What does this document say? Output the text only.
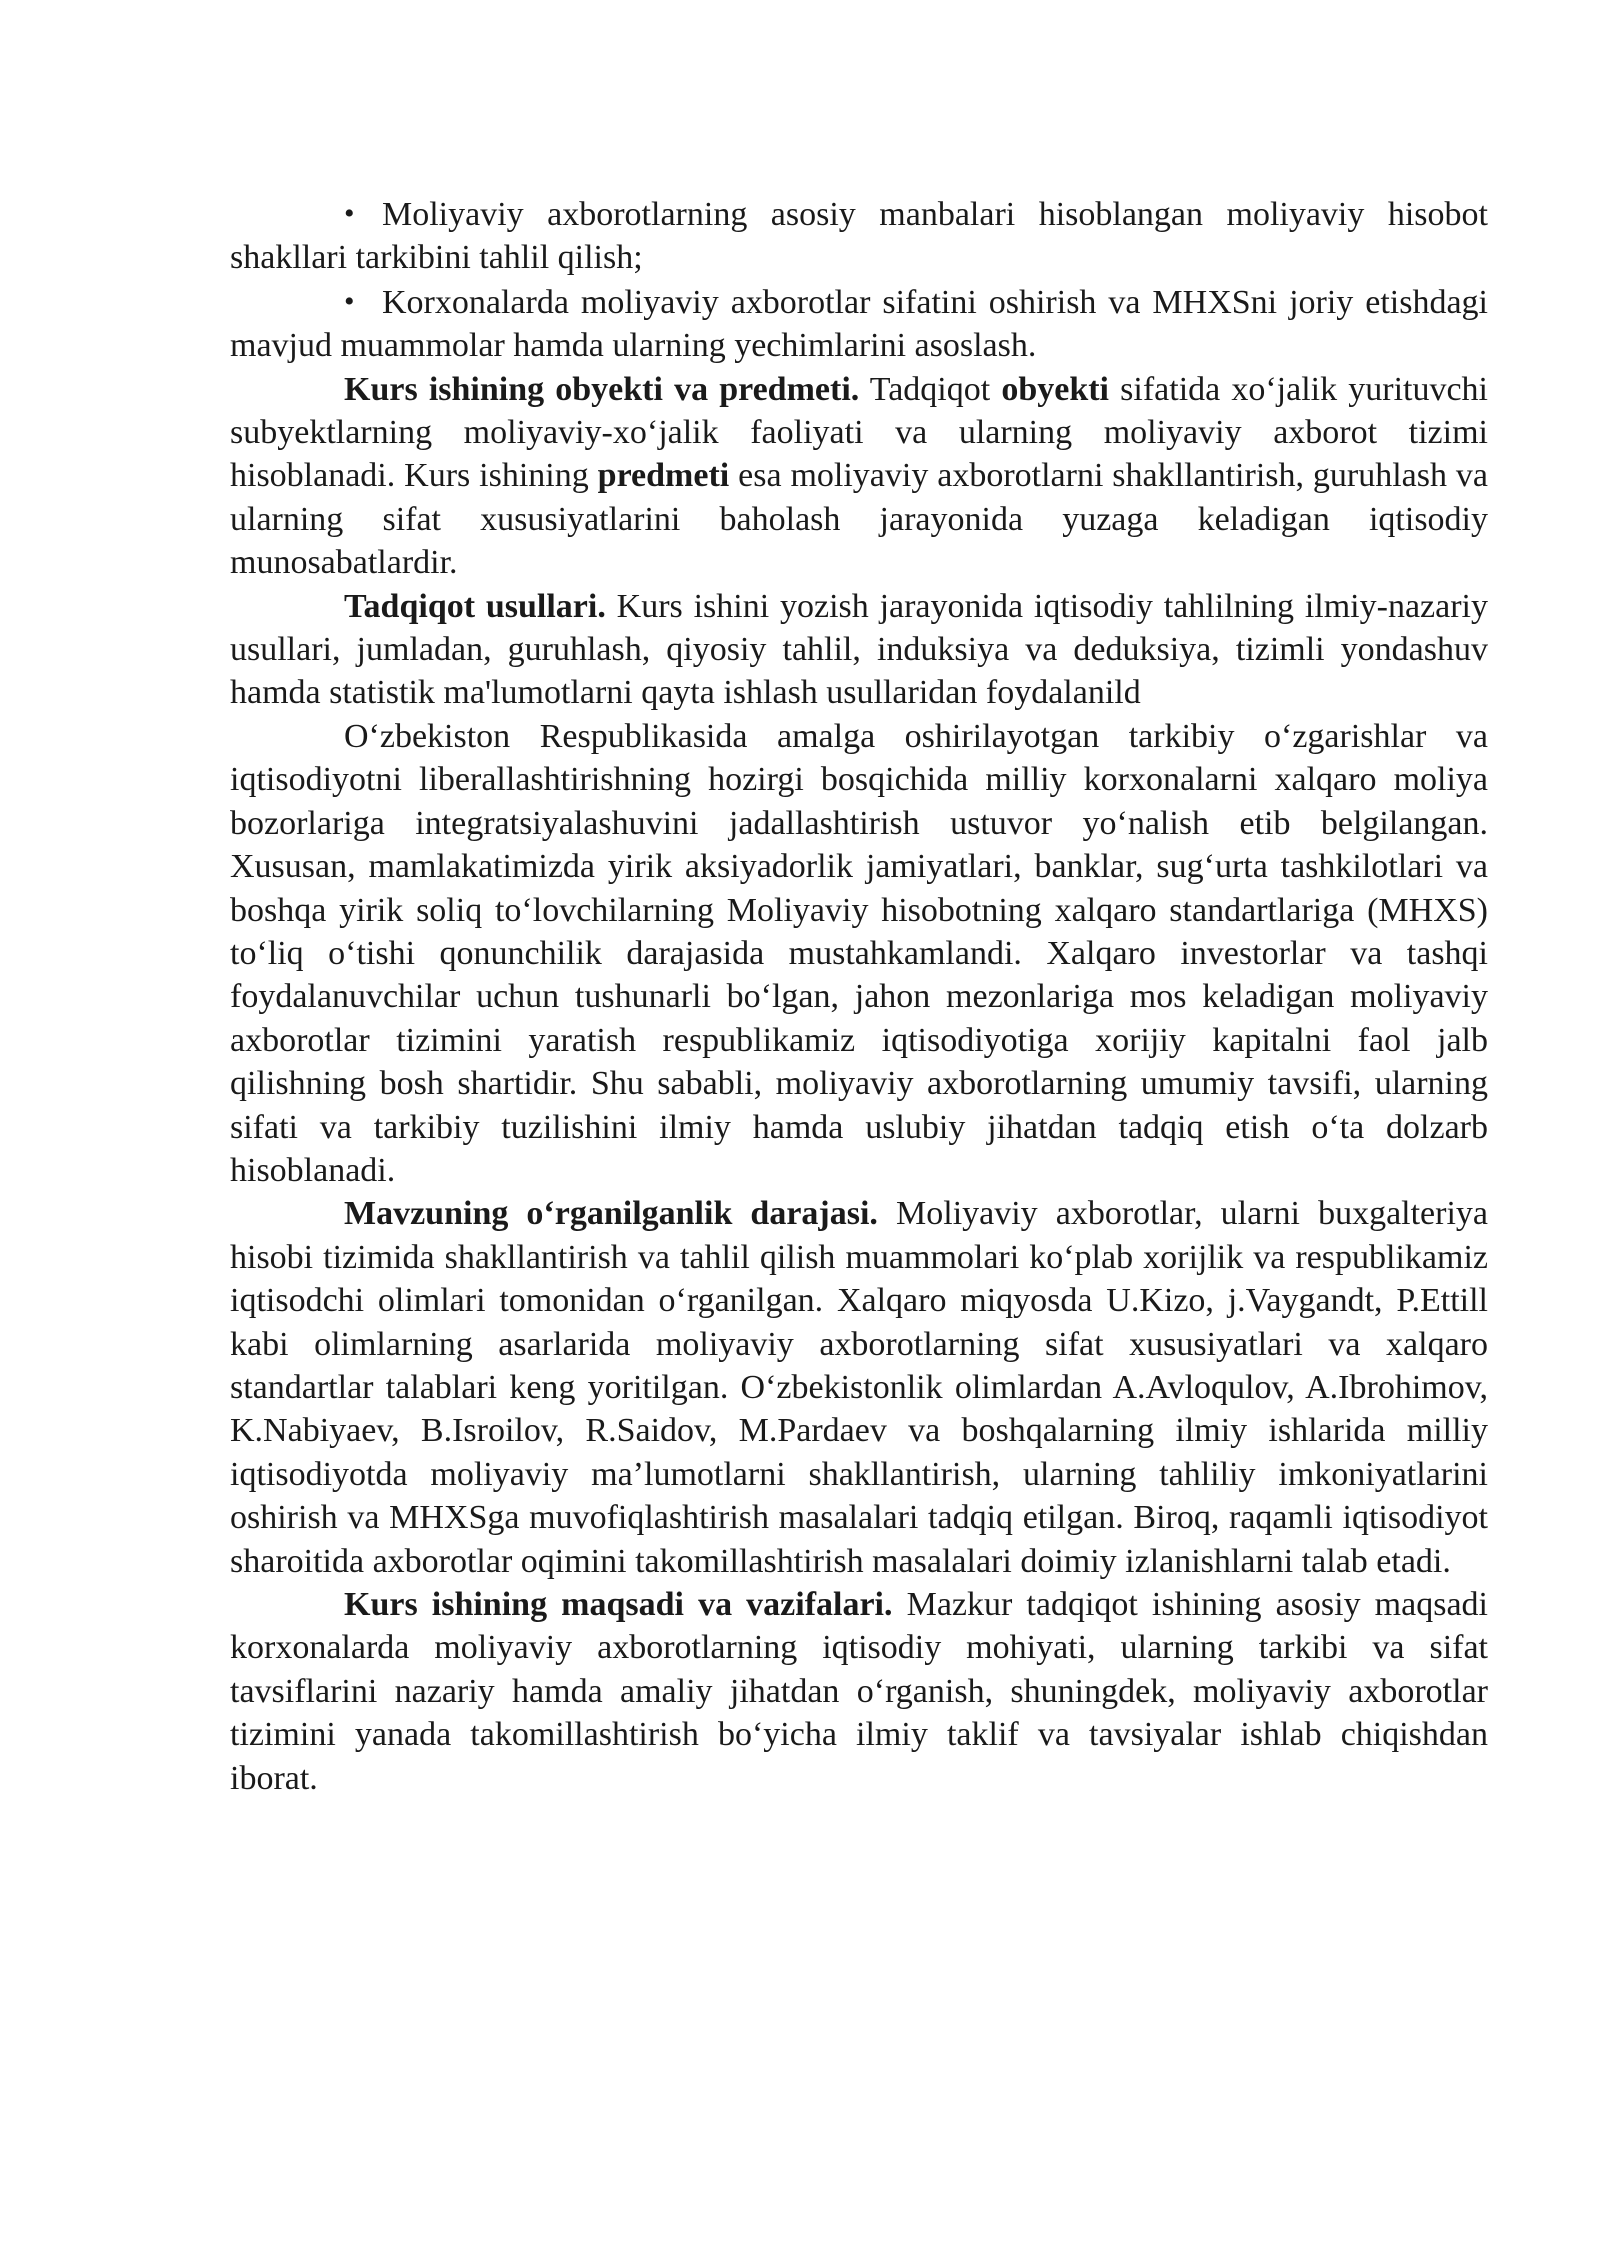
•Moliyaviy axborotlarning asosiy manbalari hisoblangan moliyaviy hisobot shakllari tarkibini tahlil qilish;

•Korxonalarda moliyaviy axborotlar sifatini oshirish va MHXSni joriy etishdagi mavjud muammolar hamda ularning yechimlarini asoslash.

Kurs ishining obyekti va predmeti. Tadqiqot obyekti sifatida xo‘jalik yurituvchi subyektlarning moliyaviy-xo‘jalik faoliyati va ularning moliyaviy axborot tizimi hisoblanadi. Kurs ishining predmeti esa moliyaviy axborotlarni shakllantirish, guruhlash va ularning sifat xususiyatlarini baholash jarayonida yuzaga keladigan iqtisodiy munosabatlardir.

Tadqiqot usullari. Kurs ishini yozish jarayonida iqtisodiy tahlilning ilmiy-nazariy usullari, jumladan, guruhlash, qiyosiy tahlil, induksiya va deduksiya, tizimli yondashuv hamda statistik ma'lumotlarni qayta ishlash usullaridan foydalanild

O‘zbekiston Respublikasida amalga oshirilayotgan tarkibiy o‘zgarishlar va iqtisodiyotni liberallashtirishning hozirgi bosqichida milliy korxonalarni xalqaro moliya bozorlariga integratsiyalashuvini jadallashtirish ustuvor yo‘nalish etib belgilangan. Xususan, mamlakatimizda yirik aksiyadorlik jamiyatlari, banklar, sug‘urta tashkilotlari va boshqa yirik soliq to‘lovchilarning Moliyaviy hisobotning xalqaro standartlariga (MHXS) to‘liq o‘tishi qonunchilik darajasida mustahkamlandi. Xalqaro investorlar va tashqi foydalanuvchilar uchun tushunarli bo‘lgan, jahon mezonlariga mos keladigan moliyaviy axborotlar tizimini yaratish respublikamiz iqtisodiyotiga xorijiy kapitalni faol jalb qilishning bosh shartidir. Shu sababli, moliyaviy axborotlarning umumiy tavsifi, ularning sifati va tarkibiy tuzilishini ilmiy hamda uslubiy jihatdan tadqiq etish o‘ta dolzarb hisoblanadi.

Mavzuning o‘rganilganlik darajasi. Moliyaviy axborotlar, ularni buxgalteriya hisobi tizimida shakllantirish va tahlil qilish muammolari ko‘plab xorijlik va respublikamiz iqtisodchi olimlari tomonidan o‘rganilgan. Xalqaro miqyosda U.Kizo, j.Vaygandt, P.Ettill kabi olimlarning asarlarida moliyaviy axborotlarning sifat xususiyatlari va xalqaro standartlar talablari keng yoritilgan. O‘zbekistonlik olimlardan A.Avloqulov, A.Ibrohimov, K.Nabiyaev, B.Isroilov, R.Saidov, M.Pardaev va boshqalarning ilmiy ishlarida milliy iqtisodiyotda moliyaviy ma’lumotlarni shakllantirish, ularning tahliliy imkoniyatlarini oshirish va MHXSga muvofiqlashtirish masalalari tadqiq etilgan. Biroq, raqamli iqtisodiyot sharoitida axborotlar oqimini takomillashtirish masalalari doimiy izlanishlarni talab etadi.

Kurs ishining maqsadi va vazifalari. Mazkur tadqiqot ishining asosiy maqsadi korxonalarda moliyaviy axborotlarning iqtisodiy mohiyati, ularning tarkibi va sifat tavsiflarini nazariy hamda amaliy jihatdan o‘rganish, shuningdek, moliyaviy axborotlar tizimini yanada takomillashtirish bo‘yicha ilmiy taklif va tavsiyalar ishlab chiqishdan iborat.
